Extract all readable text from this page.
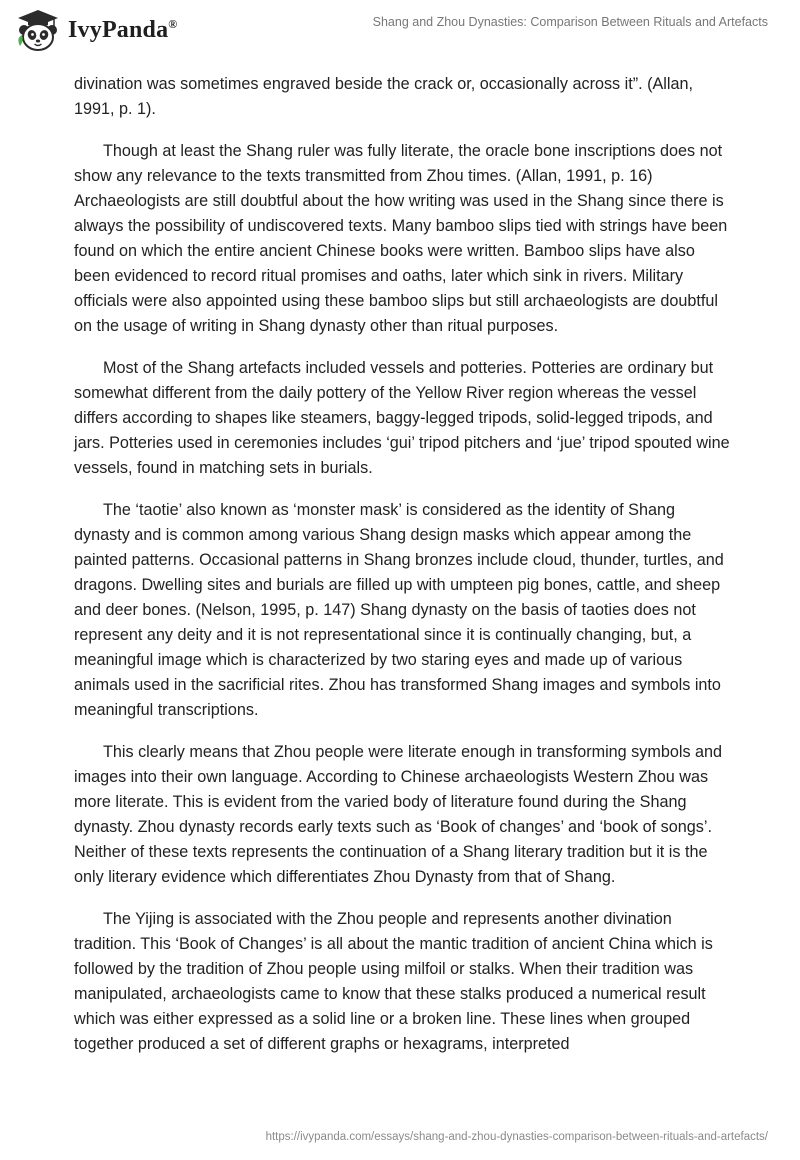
IvyPanda®	Shang and Zhou Dynasties: Comparison Between Rituals and Artefacts

divination was sometimes engraved beside the crack or, occasionally across it”. (Allan, 1991, p. 1).

Though at least the Shang ruler was fully literate, the oracle bone inscriptions does not show any relevance to the texts transmitted from Zhou times. (Allan, 1991, p. 16) Archaeologists are still doubtful about the how writing was used in the Shang since there is always the possibility of undiscovered texts. Many bamboo slips tied with strings have been found on which the entire ancient Chinese books were written. Bamboo slips have also been evidenced to record ritual promises and oaths, later which sink in rivers. Military officials were also appointed using these bamboo slips but still archaeologists are doubtful on the usage of writing in Shang dynasty other than ritual purposes.

Most of the Shang artefacts included vessels and potteries. Potteries are ordinary but somewhat different from the daily pottery of the Yellow River region whereas the vessel differs according to shapes like steamers, baggy-legged tripods, solid-legged tripods, and jars. Potteries used in ceremonies includes ‘gui’ tripod pitchers and ‘jue’ tripod spouted wine vessels, found in matching sets in burials.

The ‘taotie’ also known as ‘monster mask’ is considered as the identity of Shang dynasty and is common among various Shang design masks which appear among the painted patterns. Occasional patterns in Shang bronzes include cloud, thunder, turtles, and dragons. Dwelling sites and burials are filled up with umpteen pig bones, cattle, and sheep and deer bones. (Nelson, 1995, p. 147) Shang dynasty on the basis of taoties does not represent any deity and it is not representational since it is continually changing, but, a meaningful image which is characterized by two staring eyes and made up of various animals used in the sacrificial rites. Zhou has transformed Shang images and symbols into meaningful transcriptions.

This clearly means that Zhou people were literate enough in transforming symbols and images into their own language. According to Chinese archaeologists Western Zhou was more literate. This is evident from the varied body of literature found during the Shang dynasty. Zhou dynasty records early texts such as ‘Book of changes’ and ‘book of songs’. Neither of these texts represents the continuation of a Shang literary tradition but it is the only literary evidence which differentiates Zhou Dynasty from that of Shang.

The Yijing is associated with the Zhou people and represents another divination tradition. This ‘Book of Changes’ is all about the mantic tradition of ancient China which is followed by the tradition of Zhou people using milfoil or stalks. When their tradition was manipulated, archaeologists came to know that these stalks produced a numerical result which was either expressed as a solid line or a broken line. These lines when grouped together produced a set of different graphs or hexagrams, interpreted

https://ivypanda.com/essays/shang-and-zhou-dynasties-comparison-between-rituals-and-artefacts/
